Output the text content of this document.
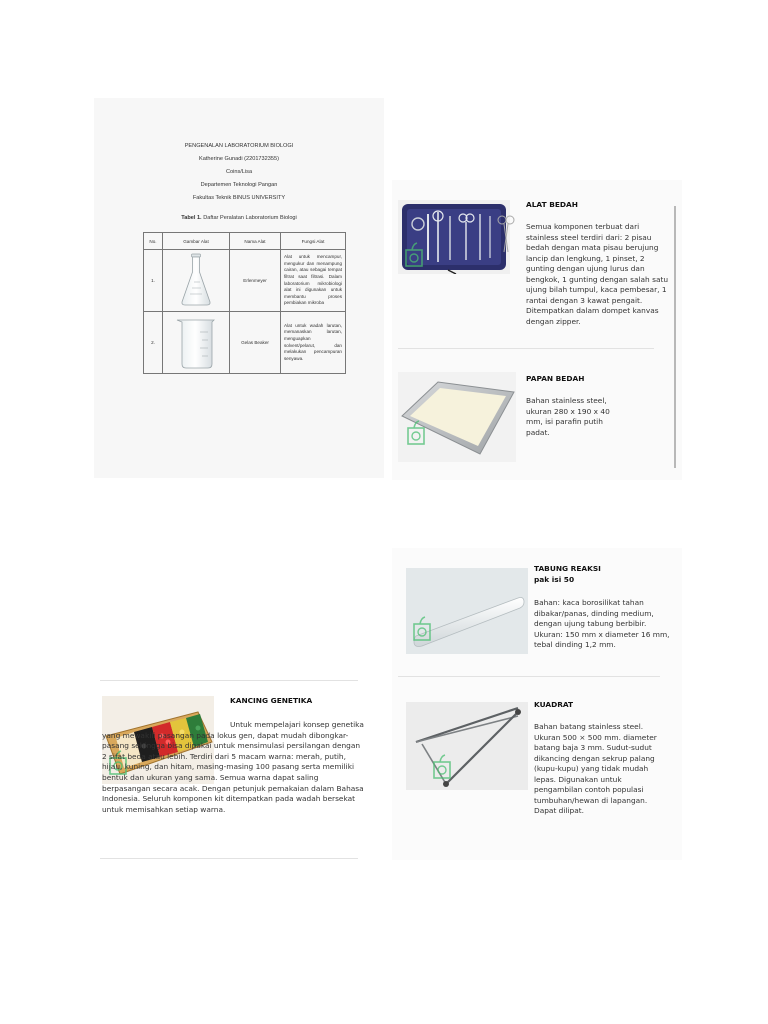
PENGENALAN LABORATORIUM BIOLOGI
Katherine Gunadi (2201732355)
Coins/Lisa
Departemen Teknologi Pangan
Fakultas Teknik BINUS UNIVERSITY
Tabel 1. Daftar Peralatan Laboratorium Biologi
No.	Gambar Alat	Nama Alat	Fungsi Alat
1.		Erlenmeyer	Alat untuk mencampur, mengukur dan menampung cairan, atau sebagai tempat filtrat saat filtrasi. Dalam laboratorium mikrobiologi alat ini digunakan untuk membantu proses pembiakan mikroba
2.		Gelas Beaker	Alat untuk wadah larutan, memanaskan larutan, menguapkan solvent/pelarut, dan melakukan pencampuran senyawa.
ALAT BEDAH
Semua komponen terbuat dari stainless steel terdiri dari: 2 pisau bedah dengan mata pisau berujung lancip dan lengkung, 1 pinset, 2 gunting dengan ujung lurus dan bengkok, 1 gunting dengan salah satu ujung bilah tumpul, kaca pembesar, 1 rantai dengan 3 kawat pengait. Ditempatkan dalam dompet kanvas dengan zipper.
PAPAN BEDAH
Bahan stainless steel, ukuran 280 x 190 x 40 mm, isi parafin putih padat.
TABUNG REAKSI
pak isi 50
Bahan: kaca borosilikat tahan dibakar/panas, dinding medium, dengan ujung tabung berbibir. Ukuran: 150 mm x diameter 16 mm, tebal dinding 1,2 mm.
KUADRAT
Bahan batang stainless steel. Ukuran 500 × 500 mm. diameter batang baja 3 mm. Sudut-sudut dikancing dengan sekrup palang (kupu-kupu) yang tidak mudah lepas. Digunakan untuk pengambilan contoh populasi tumbuhan/hewan di lapangan. Dapat dilipat.
KANCING GENETIKA
Untuk mempelajari konsep genetika yang mewakili pasangan pada lokus gen, dapat mudah dibongkar-pasang sehingga bisa dipakai untuk mensimulasi persilangan dengan 2 sifat beda atau lebih. Terdiri dari 5 macam warna: merah, putih, hijau, kuning, dan hitam, masing-masing 100 pasang serta memiliki bentuk dan ukuran yang sama. Semua warna dapat saling berpasangan secara acak. Dengan petunjuk pemakaian dalam Bahasa Indonesia. Seluruh komponen kit ditempatkan pada wadah bersekat untuk memisahkan setiap warna.
